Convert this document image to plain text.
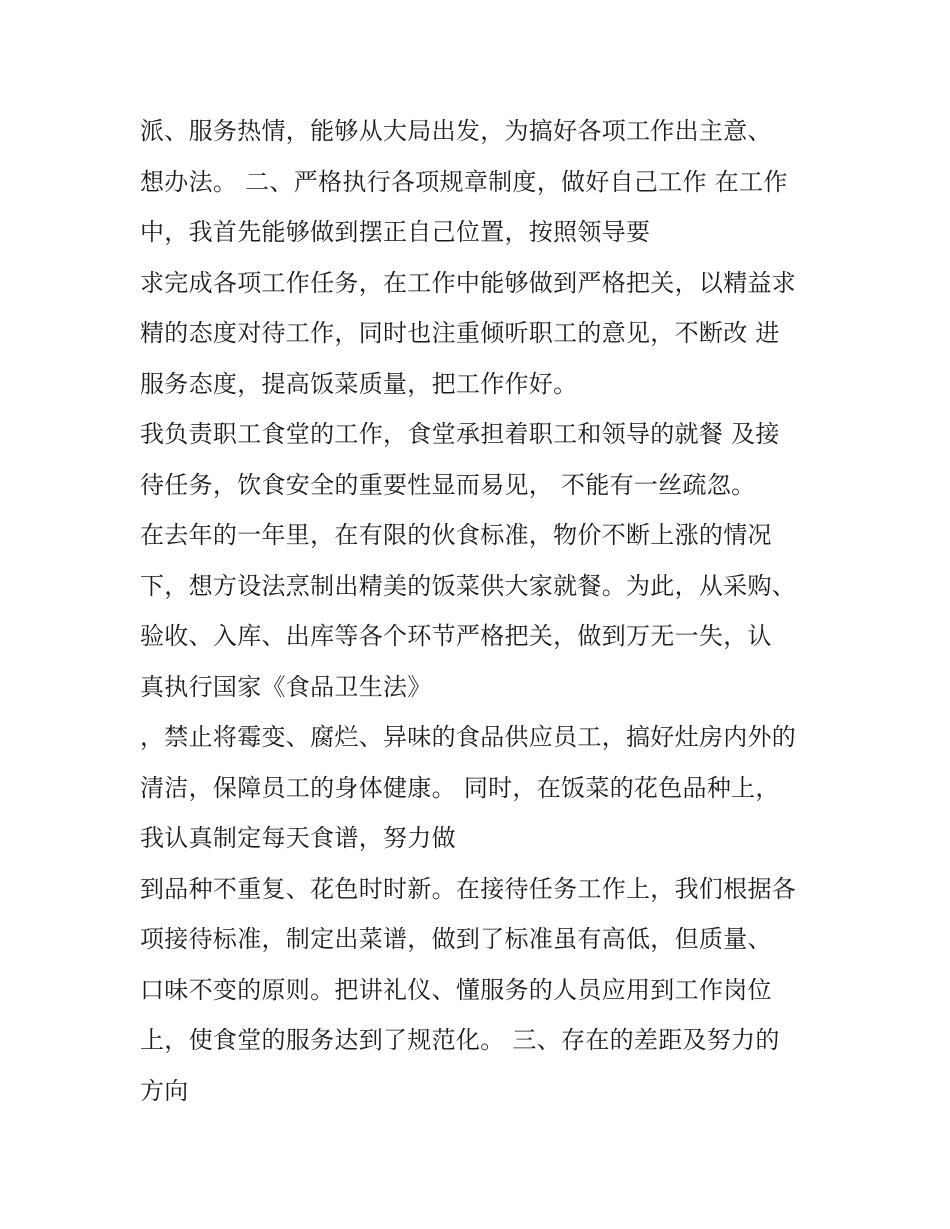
派、服务热情，能够从大局出发，为搞好各项工作出主意、
想办法。 二、严格执行各项规章制度，做好自己工作 在工作
中，我首先能够做到摆正自己位置，按照领导要
求完成各项工作任务，在工作中能够做到严格把关，以精益求
精的态度对待工作，同时也注重倾听职工的意见，不断改 进
服务态度，提高饭菜质量，把工作作好。
我负责职工食堂的工作，食堂承担着职工和领导的就餐 及接
待任务，饮食安全的重要性显而易见， 不能有一丝疏忽。
在去年的一年里，在有限的伙食标准，物价不断上涨的情况
下，想方设法烹制出精美的饭菜供大家就餐。为此，从采购、
验收、入库、出库等各个环节严格把关，做到万无一失，认
真执行国家《食品卫生法》
，禁止将霉变、腐烂、异味的食品供应员工，搞好灶房内外的
清洁，保障员工的身体健康。 同时，在饭菜的花色品种上，
我认真制定每天食谱，努力做
到品种不重复、花色时时新。在接待任务工作上，我们根据各
项接待标准，制定出菜谱，做到了标准虽有高低，但质量、
口味不变的原则。把讲礼仪、懂服务的人员应用到工作岗位
上，使食堂的服务达到了规范化。 三、存在的差距及努力的
方向
